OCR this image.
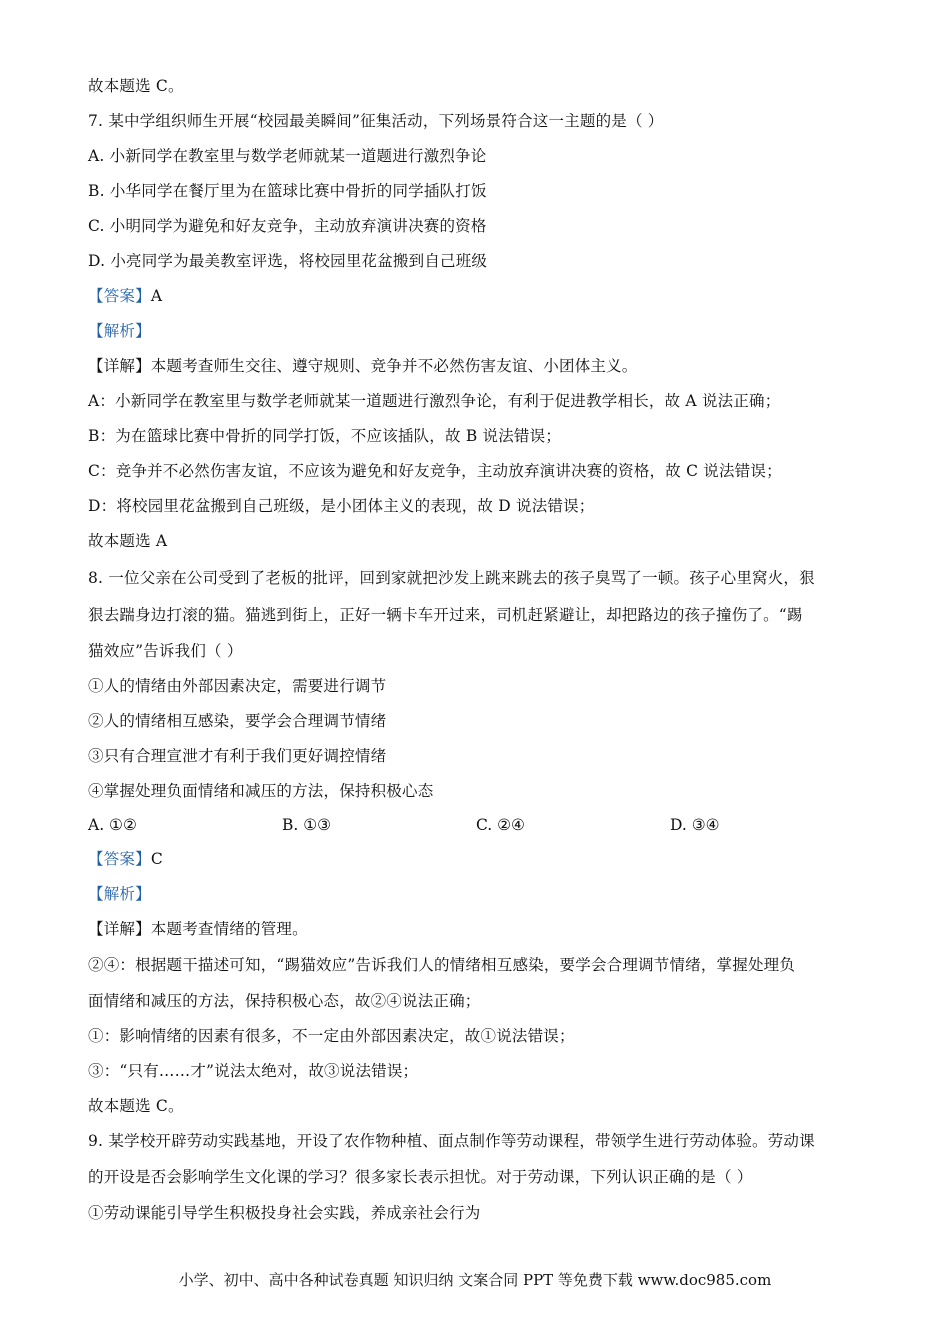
故本题选 C。
7. 某中学组织师生开展“校园最美瞬间”征集活动，下列场景符合这一主题的是（ ）
A. 小新同学在教室里与数学老师就某一道题进行激烈争论
B. 小华同学在餐厅里为在篮球比赛中骨折的同学插队打饭
C. 小明同学为避免和好友竞争，主动放弃演讲决赛的资格
D. 小亮同学为最美教室评选，将校园里花盆搬到自己班级
【答案】A
【解析】
【详解】本题考查师生交往、遵守规则、竞争并不必然伤害友谊、小团体主义。
A：小新同学在教室里与数学老师就某一道题进行激烈争论，有利于促进教学相长，故 A 说法正确；
B：为在篮球比赛中骨折的同学打饭，不应该插队，故 B 说法错误；
C：竞争并不必然伤害友谊，不应该为避免和好友竞争，主动放弃演讲决赛的资格，故 C 说法错误；
D：将校园里花盆搬到自己班级，是小团体主义的表现，故 D 说法错误；
故本题选 A
8. 一位父亲在公司受到了老板的批评，回到家就把沙发上跳来跳去的孩子臭骂了一顿。孩子心里窝火，狠
狠去踹身边打滚的猫。猫逃到街上，正好一辆卡车开过来，司机赶紧避让，却把路边的孩子撞伤了。“踢
猫效应”告诉我们（ ）
①人的情绪由外部因素决定，需要进行调节
②人的情绪相互感染，要学会合理调节情绪
③只有合理宣泄才有利于我们更好调控情绪
④掌握处理负面情绪和减压的方法，保持积极心态
A. ①②	B. ①③	C. ②④	D. ③④
【答案】C
【解析】
【详解】本题考查情绪的管理。
②④：根据题干描述可知，“踢猫效应”告诉我们人的情绪相互感染，要学会合理调节情绪，掌握处理负
面情绪和减压的方法，保持积极心态，故②④说法正确；
①：影响情绪的因素有很多，不一定由外部因素决定，故①说法错误；
③：“只有……才”说法太绝对，故③说法错误；
故本题选 C。
9. 某学校开辟劳动实践基地，开设了农作物种植、面点制作等劳动课程，带领学生进行劳动体验。劳动课
的开设是否会影响学生文化课的学习？很多家长表示担忧。对于劳动课，下列认识正确的是（ ）
①劳动课能引导学生积极投身社会实践，养成亲社会行为
小学、初中、高中各种试卷真题 知识归纳 文案合同 PPT 等免费下载 www.doc985.com
